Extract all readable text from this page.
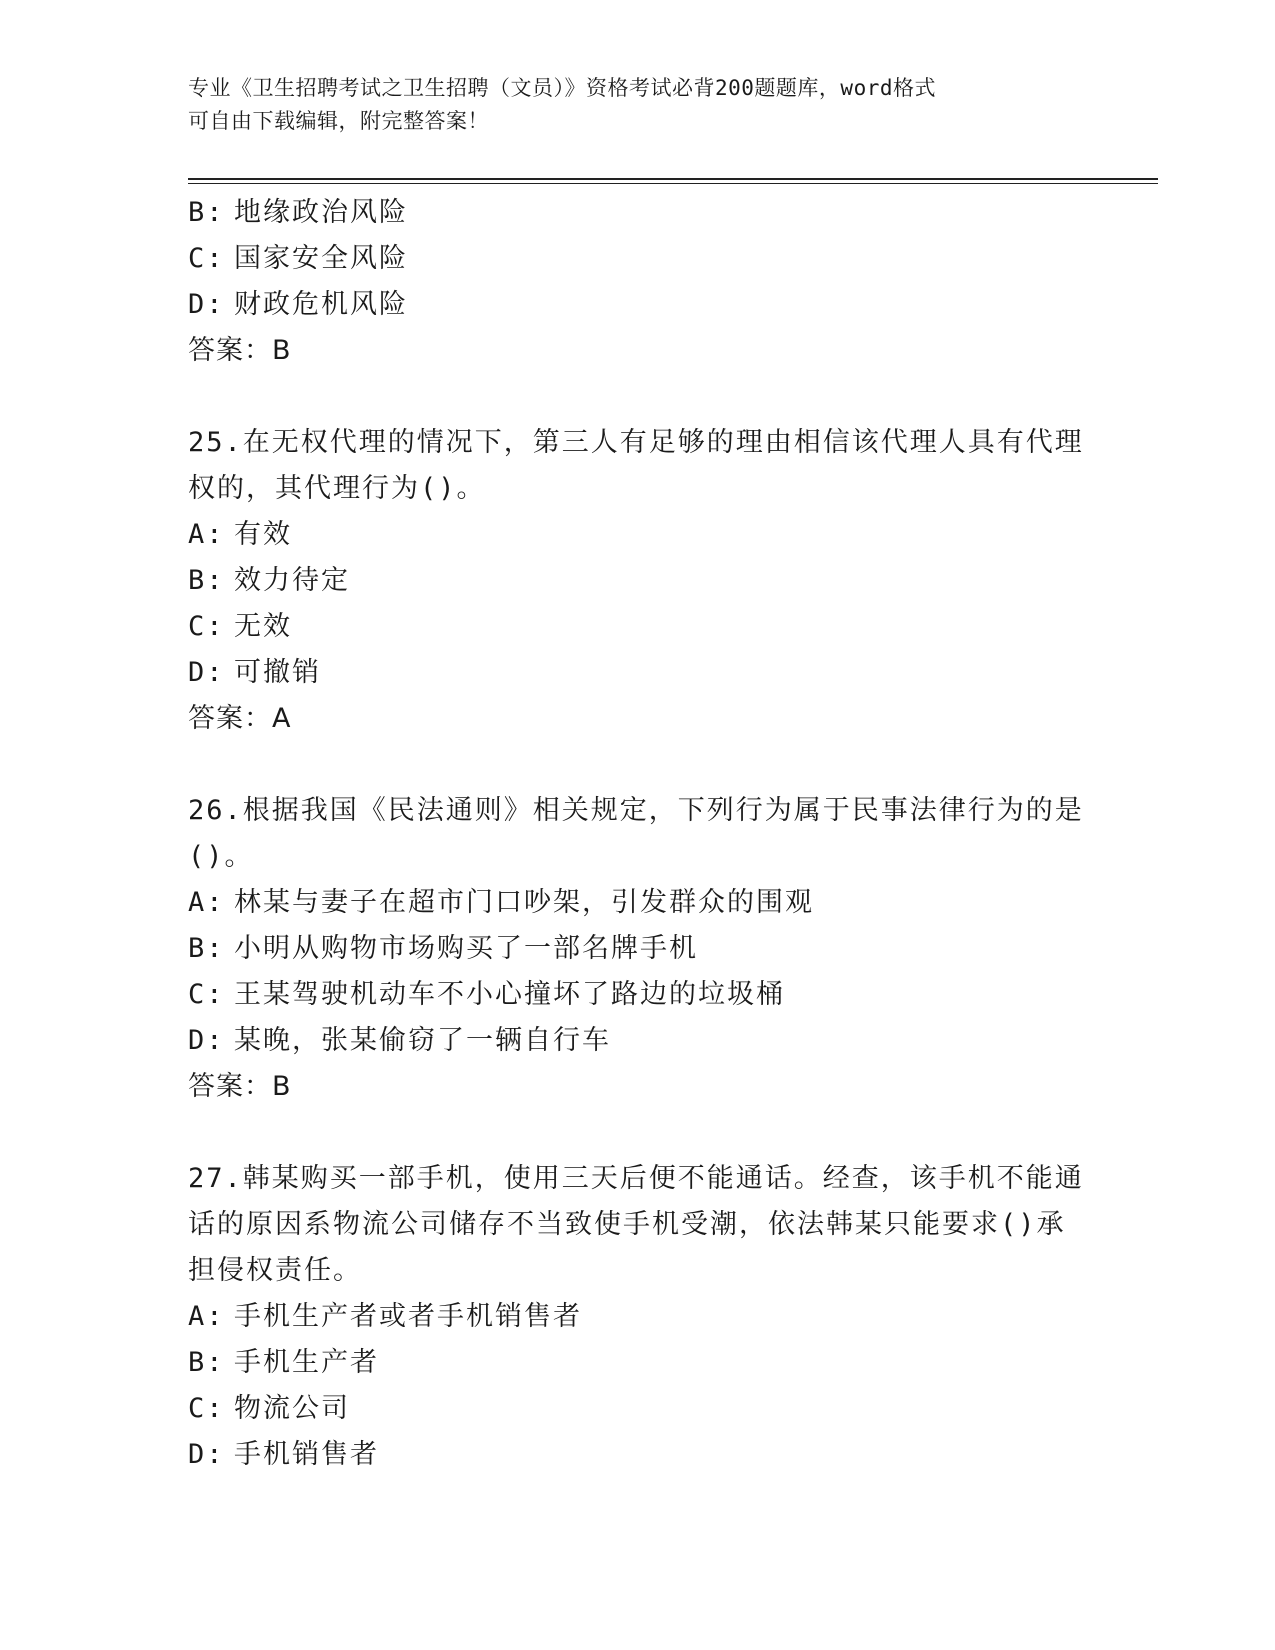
专业《卫生招聘考试之卫生招聘（文员）》资格考试必背200题题库，word格式
可自由下载编辑，附完整答案！
B: 地缘政治风险
C: 国家安全风险
D: 财政危机风险
答案：B
25.在无权代理的情况下，第三人有足够的理由相信该代理人具有代理
权的，其代理行为()。
A: 有效
B: 效力待定
C: 无效
D: 可撤销
答案：A
26.根据我国《民法通则》相关规定，下列行为属于民事法律行为的是
()。
A: 林某与妻子在超市门口吵架，引发群众的围观
B: 小明从购物市场购买了一部名牌手机
C: 王某驾驶机动车不小心撞坏了路边的垃圾桶
D: 某晚，张某偷窃了一辆自行车
答案：B
27.韩某购买一部手机，使用三天后便不能通话。经查，该手机不能通
话的原因系物流公司储存不当致使手机受潮，依法韩某只能要求()承
担侵权责任。
A: 手机生产者或者手机销售者
B: 手机生产者
C: 物流公司
D: 手机销售者
